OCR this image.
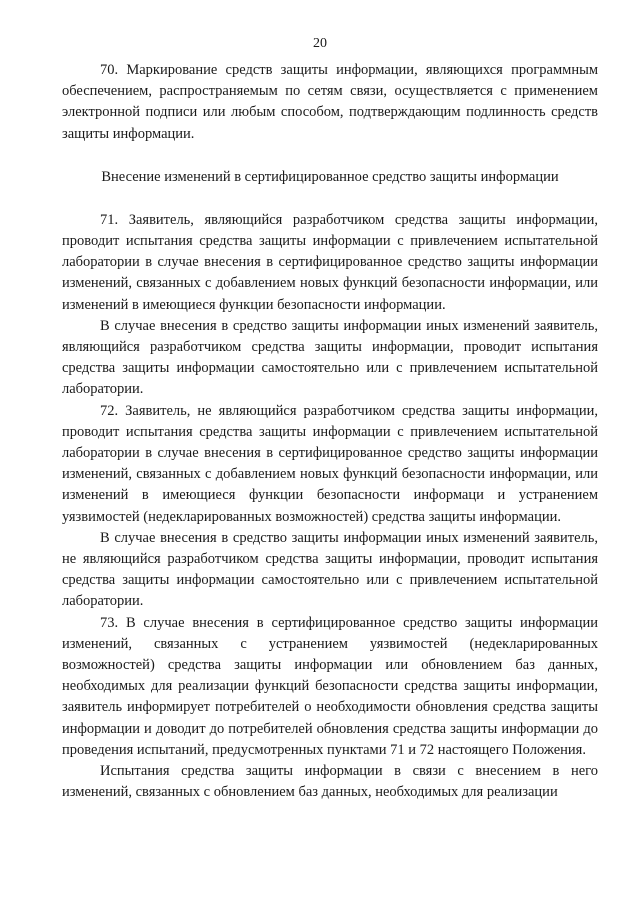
20

70. Маркирование средств защиты информации, являющихся программным обеспечением, распространяемым по сетям связи, осуществляется с применением электронной подписи или любым способом, подтверждающим подлинность средств защиты информации.

Внесение изменений в сертифицированное средство защиты информации

71. Заявитель, являющийся разработчиком средства защиты информации, проводит испытания средства защиты информации с привлечением испытательной лаборатории в случае внесения в сертифицированное средство защиты информации изменений, связанных с добавлением новых функций безопасности информации, или изменений в имеющиеся функции безопасности информации.

В случае внесения в средство защиты информации иных изменений заявитель, являющийся разработчиком средства защиты информации, проводит испытания средства защиты информации самостоятельно или с привлечением испытательной лаборатории.

72. Заявитель, не являющийся разработчиком средства защиты информации, проводит испытания средства защиты информации с привлечением испытательной лаборатории в случае внесения в сертифицированное средство защиты информации изменений, связанных с добавлением новых функций безопасности информации, или изменений в имеющиеся функции безопасности информаци и устранением уязвимостей (недекларированных возможностей) средства защиты информации.

В случае внесения в средство защиты информации иных изменений заявитель, не являющийся разработчиком средства защиты информации, проводит испытания средства защиты информации самостоятельно или с привлечением испытательной лаборатории.

73. В случае внесения в сертифицированное средство защиты информации изменений, связанных с устранением уязвимостей (недекларированных возможностей) средства защиты информации или обновлением баз данных, необходимых для реализации функций безопасности средства защиты информации, заявитель информирует потребителей о необходимости обновления средства защиты информации и доводит до потребителей обновления средства защиты информации до проведения испытаний, предусмотренных пунктами 71 и 72 настоящего Положения.

Испытания средства защиты информации в связи с внесением в него изменений, связанных с обновлением баз данных, необходимых для реализации
